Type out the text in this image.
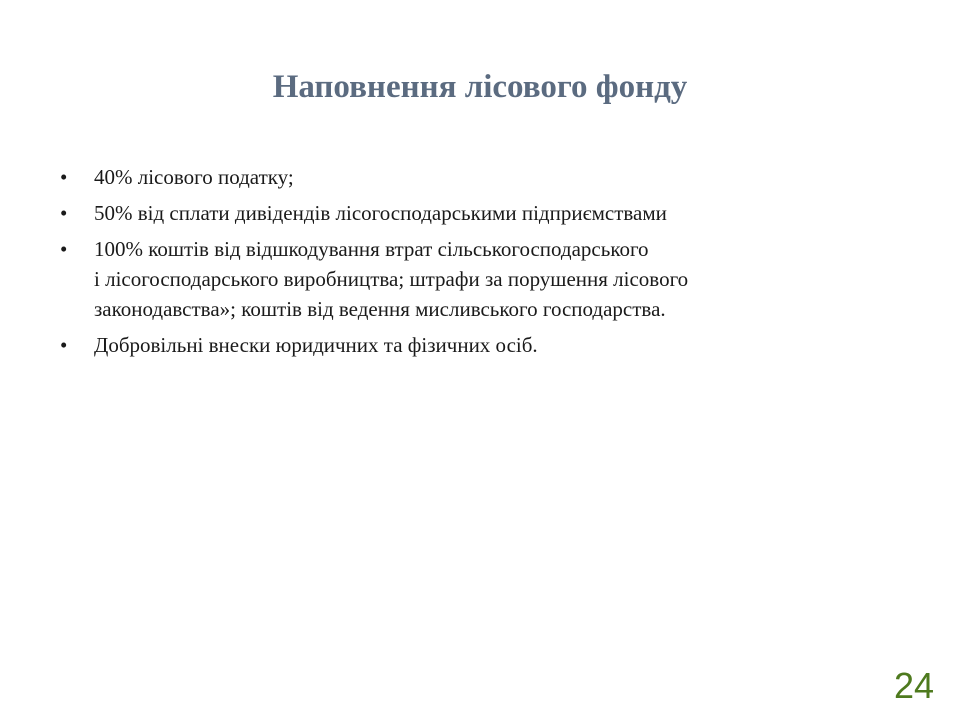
Наповнення лісового фонду
•	40% лісового податку;
•	50% від сплати дивідендів лісогосподарськими підприємствами
•	100% коштів від відшкодування втрат сільськогосподарського
і лісогосподарського виробництва; штрафи за порушення лісового
законодавства»; коштів від ведення мисливського господарства.
•	Добровільні внески юридичних та фізичних осіб.
24
